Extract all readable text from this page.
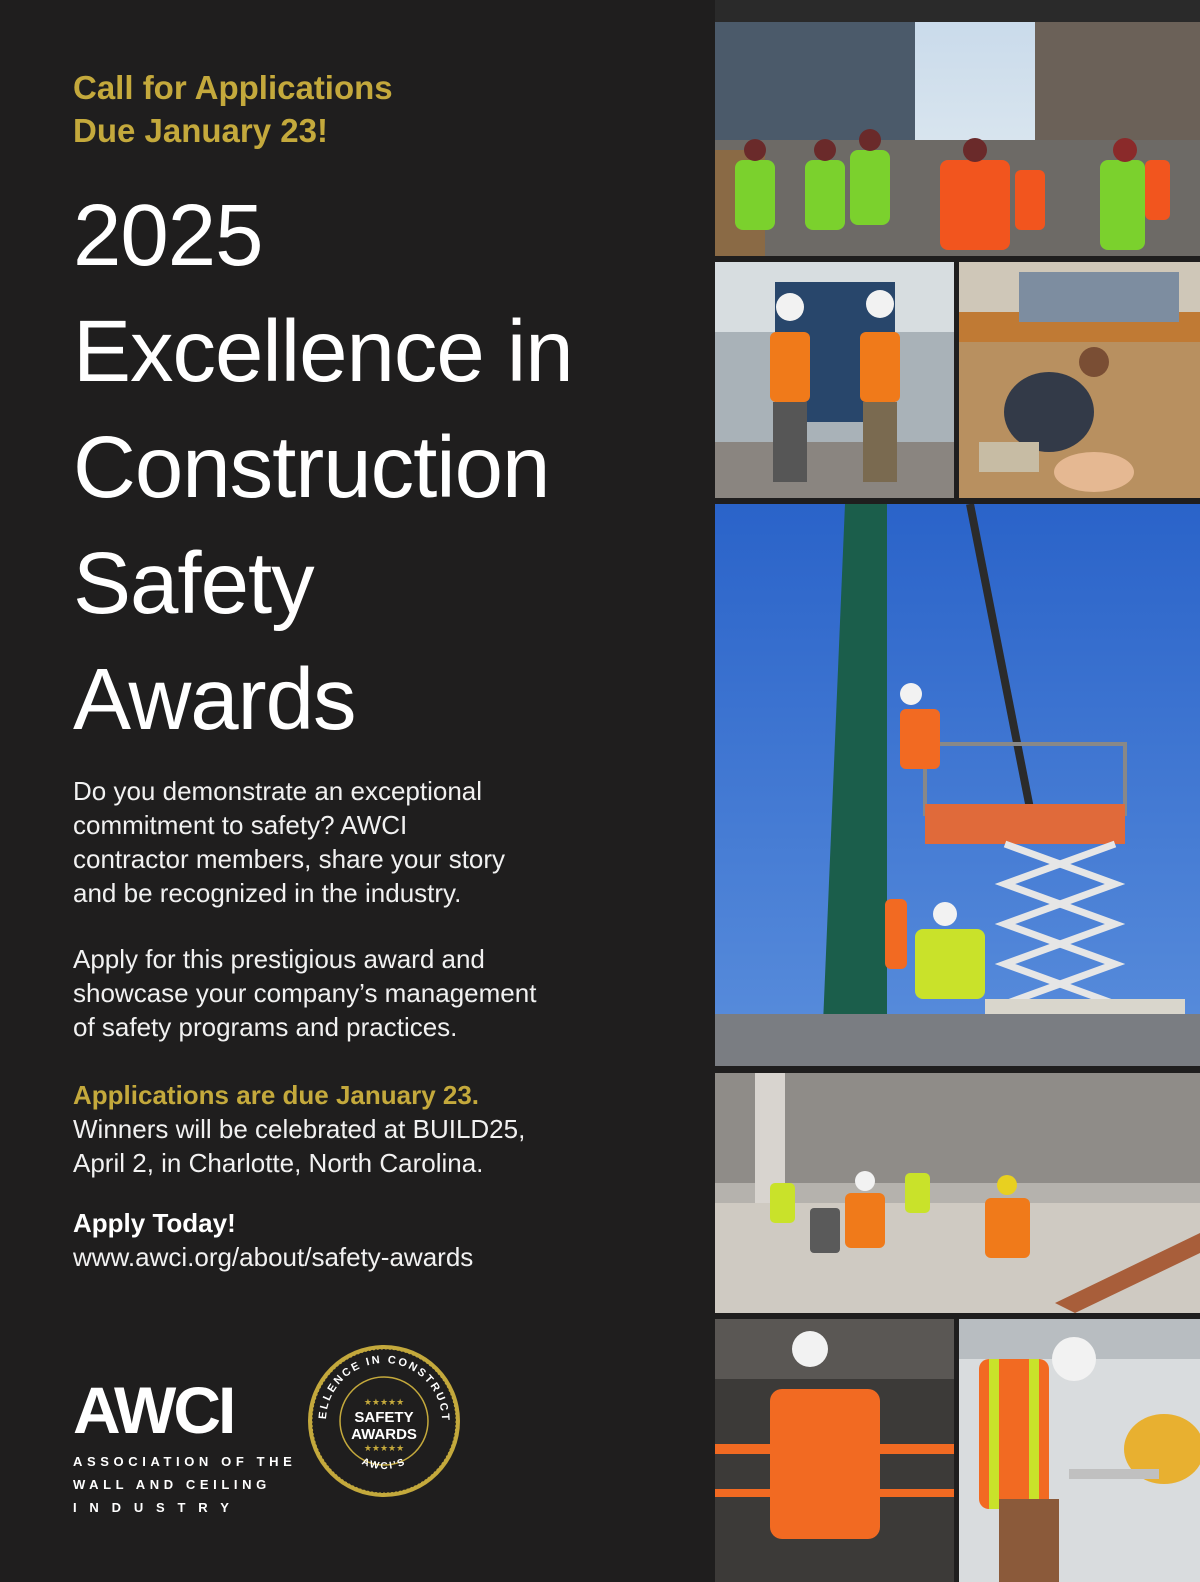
Call for Applications
Due January 23!
2025
Excellence in
Construction
Safety
Awards
Do you demonstrate an exceptional
commitment to safety? AWCI
contractor members, share your story
and be recognized in the industry.
Apply for this prestigious award and
showcase your company’s management
of safety programs and practices.
Applications are due January 23.
Winners will be celebrated at BUILD25,
April 2, in Charlotte, North Carolina.
Apply Today!
www.awci.org/about/safety-awards
AWCI
ASSOCIATION OF THE
WALL AND CEILING
I N D U S T R Y
ELLENCE IN CONSTRUCT
AWCI'S
★★★★★
SAFETY
AWARDS
★★★★★
